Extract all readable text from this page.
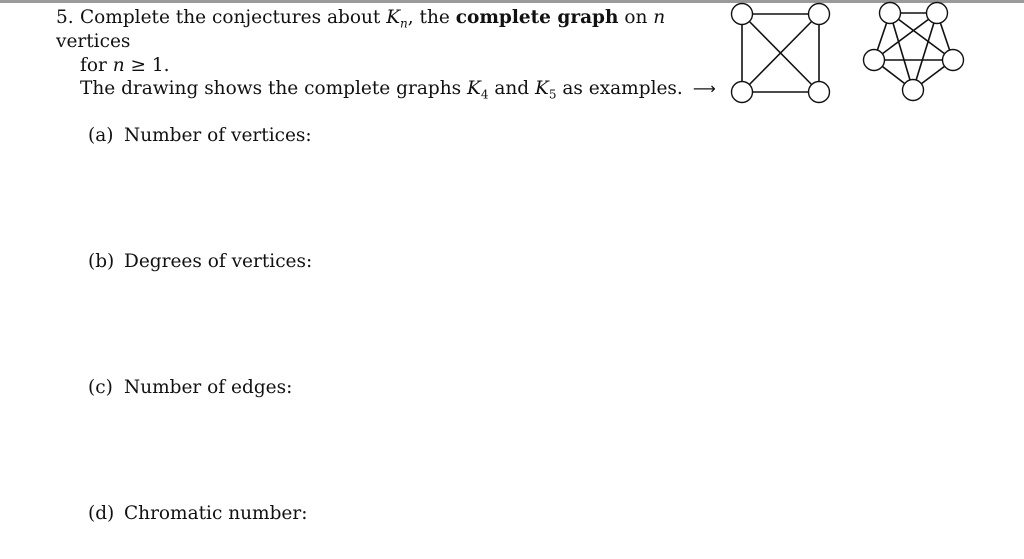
5. Complete the conjectures about $K_n$, the complete graph on n vertices
for n ≥ 1.
The drawing shows the complete graphs $K_4$ and $K_5$ as examples. ⟶
(a) Number of vertices:
(b) Degrees of vertices:
(c) Number of edges:
(d) Chromatic number:
